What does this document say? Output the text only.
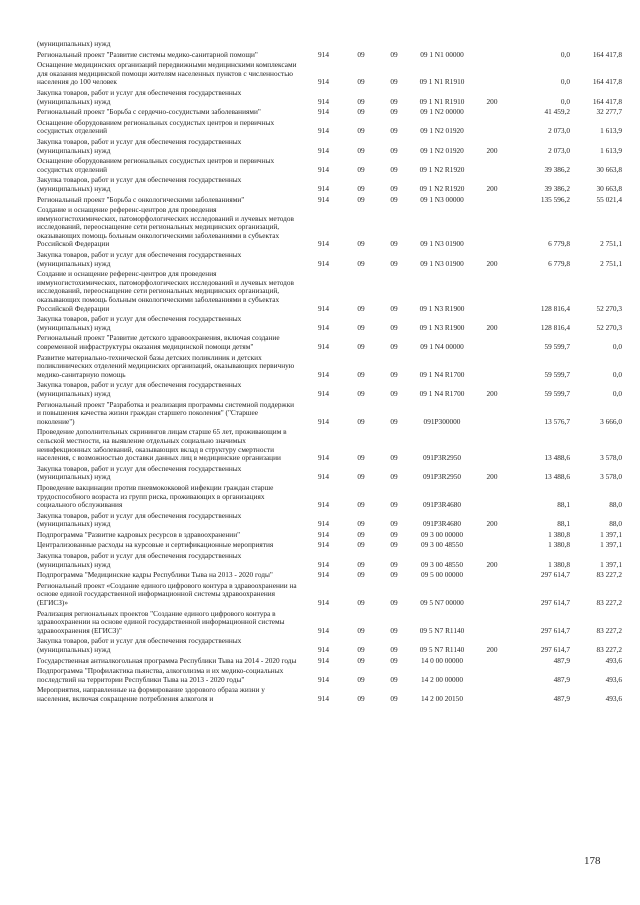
(муниципальных) нужд							
Региональный проект "Развитие системы медико-санитарной помощи"	914	09	09	09 1 N1 00000		0,0	164 417,8
Оснащение медицинских организаций передвижными медицинскими комплексами для оказания медицинской помощи жителям населенных пунктов с численностью населения до 100 человек	914	09	09	09 1 N1 R1910		0,0	164 417,8
Закупка товаров, работ и услуг для обеспечения государственных (муниципальных) нужд	914	09	09	09 1 N1 R1910	200	0,0	164 417,8
Региональный проект "Борьба с сердечно-сосудистыми заболеваниями"	914	09	09	09 1 N2 00000		41 459,2	32 277,7
Оснащение оборудованием региональных сосудистых центров и первичных сосудистых отделений	914	09	09	09 1 N2 01920		2 073,0	1 613,9
Закупка товаров, работ и услуг для обеспечения государственных (муниципальных) нужд	914	09	09	09 1 N2 01920	200	2 073,0	1 613,9
Оснащение оборудованием региональных сосудистых центров и первичных сосудистых отделений	914	09	09	09 1 N2 R1920		39 386,2	30 663,8
Закупка товаров, работ и услуг для обеспечения государственных (муниципальных) нужд	914	09	09	09 1 N2 R1920	200	39 386,2	30 663,8
Региональный проект "Борьба с онкологическими заболеваниями"	914	09	09	09 1 N3 00000		135 596,2	55 021,4
Создание и оснащение референс-центров для проведения иммуногистохимических, патоморфологических исследований и лучевых методов исследований, переоснащение сети региональных медицинских организаций, оказывающих помощь больным онкологическими заболеваниями в субъектах Российской Федерации	914	09	09	09 1 N3 01900		6 779,8	2 751,1
Закупка товаров, работ и услуг для обеспечения государственных (муниципальных) нужд	914	09	09	09 1 N3 01900	200	6 779,8	2 751,1
Создание и оснащение референс-центров для проведения иммуногистохимических, патоморфологических исследований и лучевых методов исследований, переоснащение сети региональных медицинских организаций, оказывающих помощь больным онкологическими заболеваниями в субъектах Российской Федерации	914	09	09	09 1 N3 R1900		128 816,4	52 270,3
Закупка товаров, работ и услуг для обеспечения государственных (муниципальных) нужд	914	09	09	09 1 N3 R1900	200	128 816,4	52 270,3
Региональный проект "Развитие детского здравоохранения, включая создание современной инфраструктуры оказания медицинской помощи детям"	914	09	09	09 1 N4 00000		59 599,7	0,0
Развитие материально-технической базы детских поликлиник и детских поликлинических отделений медицинских организаций, оказывающих первичную медико-санитарную помощь	914	09	09	09 1 N4 R1700		59 599,7	0,0
Закупка товаров, работ и услуг для обеспечения государственных (муниципальных) нужд	914	09	09	09 1 N4 R1700	200	59 599,7	0,0
Региональный проект "Разработка и реализация программы системной поддержки и повышения качества жизни граждан старшего поколения" ("Старшее поколение")	914	09	09	091P300000		13 576,7	3 666,0
Проведение дополнительных скринингов лицам старше 65 лет, проживающим в сельской местности, на выявление отдельных социально значимых неинфекционных заболеваний, оказывающих вклад в структуру смертности населения, с возможностью доставки данных лиц в медицинские организации	914	09	09	091P3R2950		13 488,6	3 578,0
Закупка товаров, работ и услуг для обеспечения государственных (муниципальных) нужд	914	09	09	091P3R2950	200	13 488,6	3 578,0
Проведение вакцинации против пневмококковой инфекции граждан старше трудоспособного возраста из групп риска, проживающих в организациях социального обслуживания	914	09	09	091P3R4680		88,1	88,0
Закупка товаров, работ и услуг для обеспечения государственных (муниципальных) нужд	914	09	09	091P3R4680	200	88,1	88,0
Подпрограмма "Развитие кадровых ресурсов в здравоохранении"	914	09	09	09 3 00 00000		1 380,8	1 397,1
Централизованные расходы на курсовые и сертификационные мероприятия	914	09	09	09 3 00 48550		1 380,8	1 397,1
Закупка товаров, работ и услуг для обеспечения государственных (муниципальных) нужд	914	09	09	09 3 00 48550	200	1 380,8	1 397,1
Подпрограмма "Медицинские кадры Республики Тыва на 2013 - 2020 годы"	914	09	09	09 5 00 00000		297 614,7	83 227,2
Региональный проект «Создание единого цифрового контура в здравоохранении на основе единой государственной информационной системы здравоохранения (ЕГИСЗ)»	914	09	09	09 5 N7 00000		297 614,7	83 227,2
Реализация региональных проектов "Создание единого цифрового контура в здравоохранении на основе единой государственной информационной системы здравоохранения (ЕГИСЗ)"	914	09	09	09 5 N7 R1140		297 614,7	83 227,2
Закупка товаров, работ и услуг для обеспечения государственных (муниципальных) нужд	914	09	09	09 5 N7 R1140	200	297 614,7	83 227,2
Государственная антиалкогольная программа Республики Тыва на 2014 - 2020 годы	914	09	09	14 0 00 00000		487,9	493,6
Подпрограмма "Профилактика пьянства, алкоголизма и их медико-социальных последствий на территории Республики Тыва на 2013 - 2020 годы"	914	09	09	14 2 00 00000		487,9	493,6
Мероприятия, направленные на формирование здорового образа жизни у населения, включая сокращение потребления алкоголя и	914	09	09	14 2 00 20150		487,9	493,6
178
